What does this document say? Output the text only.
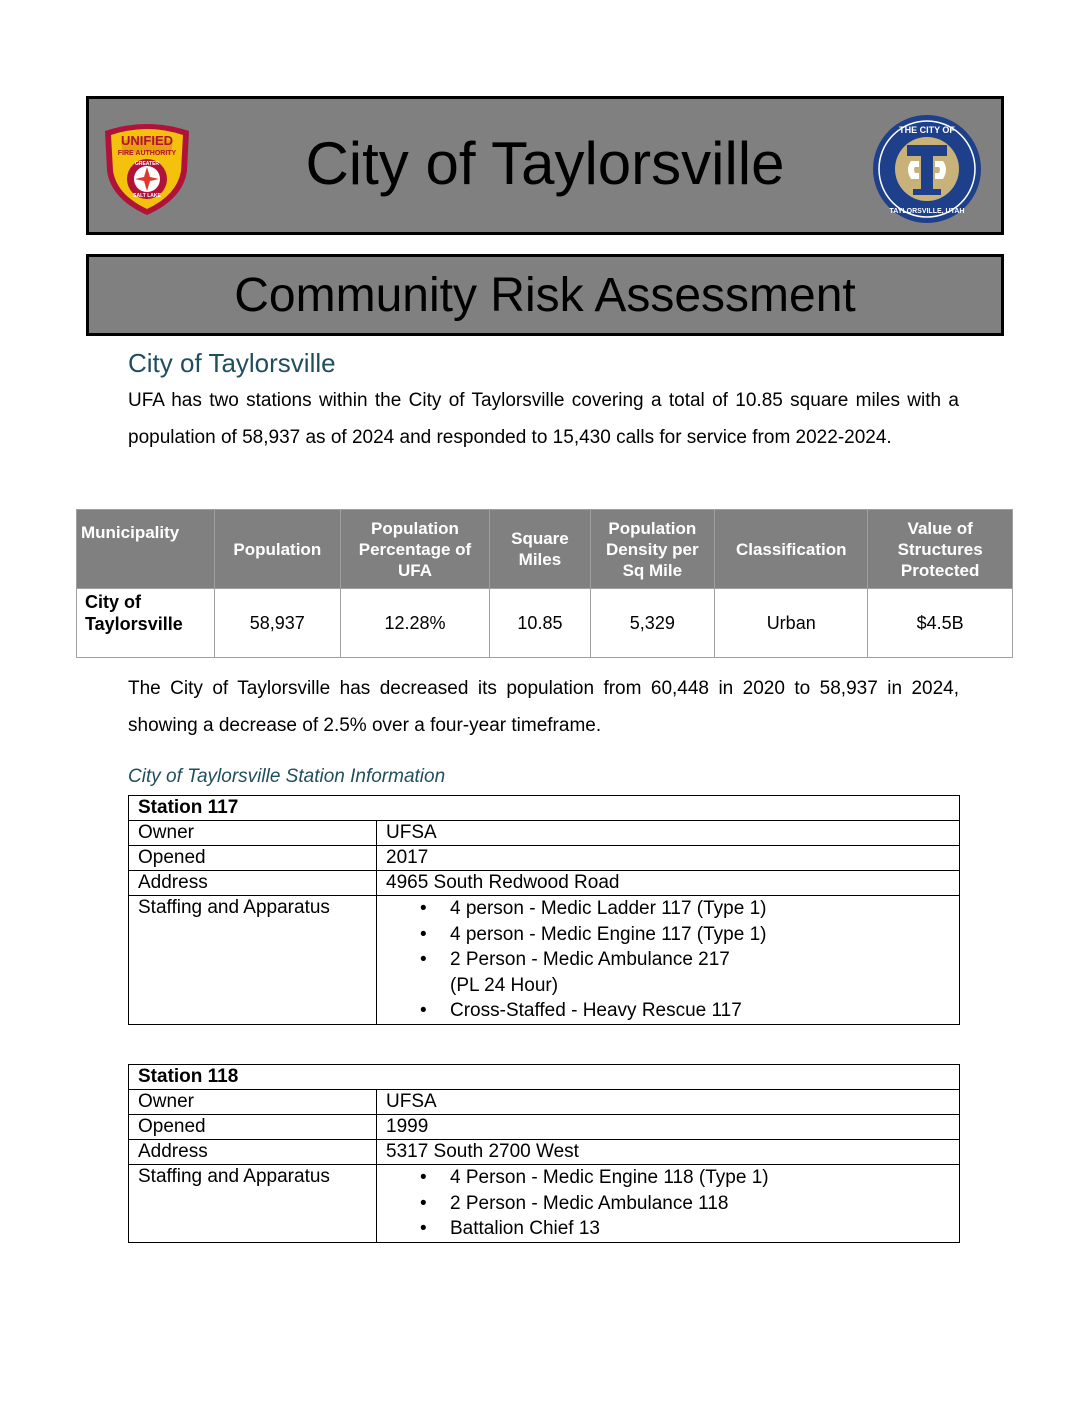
UNIFIED
FIRE AUTHORITY
GREATER
SALT LAKE	City of Taylorsville	THE CITY OF
TAYLORSVILLE, UTAH
Community Risk Assessment
City of Taylorsville
UFA has two stations within the City of Taylorsville covering a total of 10.85 square miles with a population of 58,937 as of 2024 and responded to 15,430 calls for service from 2022-2024.
Municipality	Population	Population Percentage of UFA	Square Miles	Population Density per Sq Mile	Classification	Value of Structures Protected
City of Taylorsville	58,937	12.28%	10.85	5,329	Urban	$4.5B
The City of Taylorsville has decreased its population from 60,448 in 2020 to 58,937 in 2024, showing a decrease of 2.5% over a four-year timeframe.
City of Taylorsville Station Information
Station 117	
Owner	UFSA
Opened	2017
Address	4965 South Redwood Road
Staffing and Apparatus	
•4 person - Medic Ladder 117 (Type 1)
• 4 person - Medic Engine 117 (Type 1)
• 2 Person - Medic Ambulance 217
(PL 24 Hour)
• Cross-Staffed - Heavy Rescue 117
Station 118	
Owner	UFSA
Opened	1999
Address	5317 South 2700 West
Staffing and Apparatus	
•4 Person - Medic Engine 118 (Type 1)
• 2 Person - Medic Ambulance 118
• Battalion Chief 13
